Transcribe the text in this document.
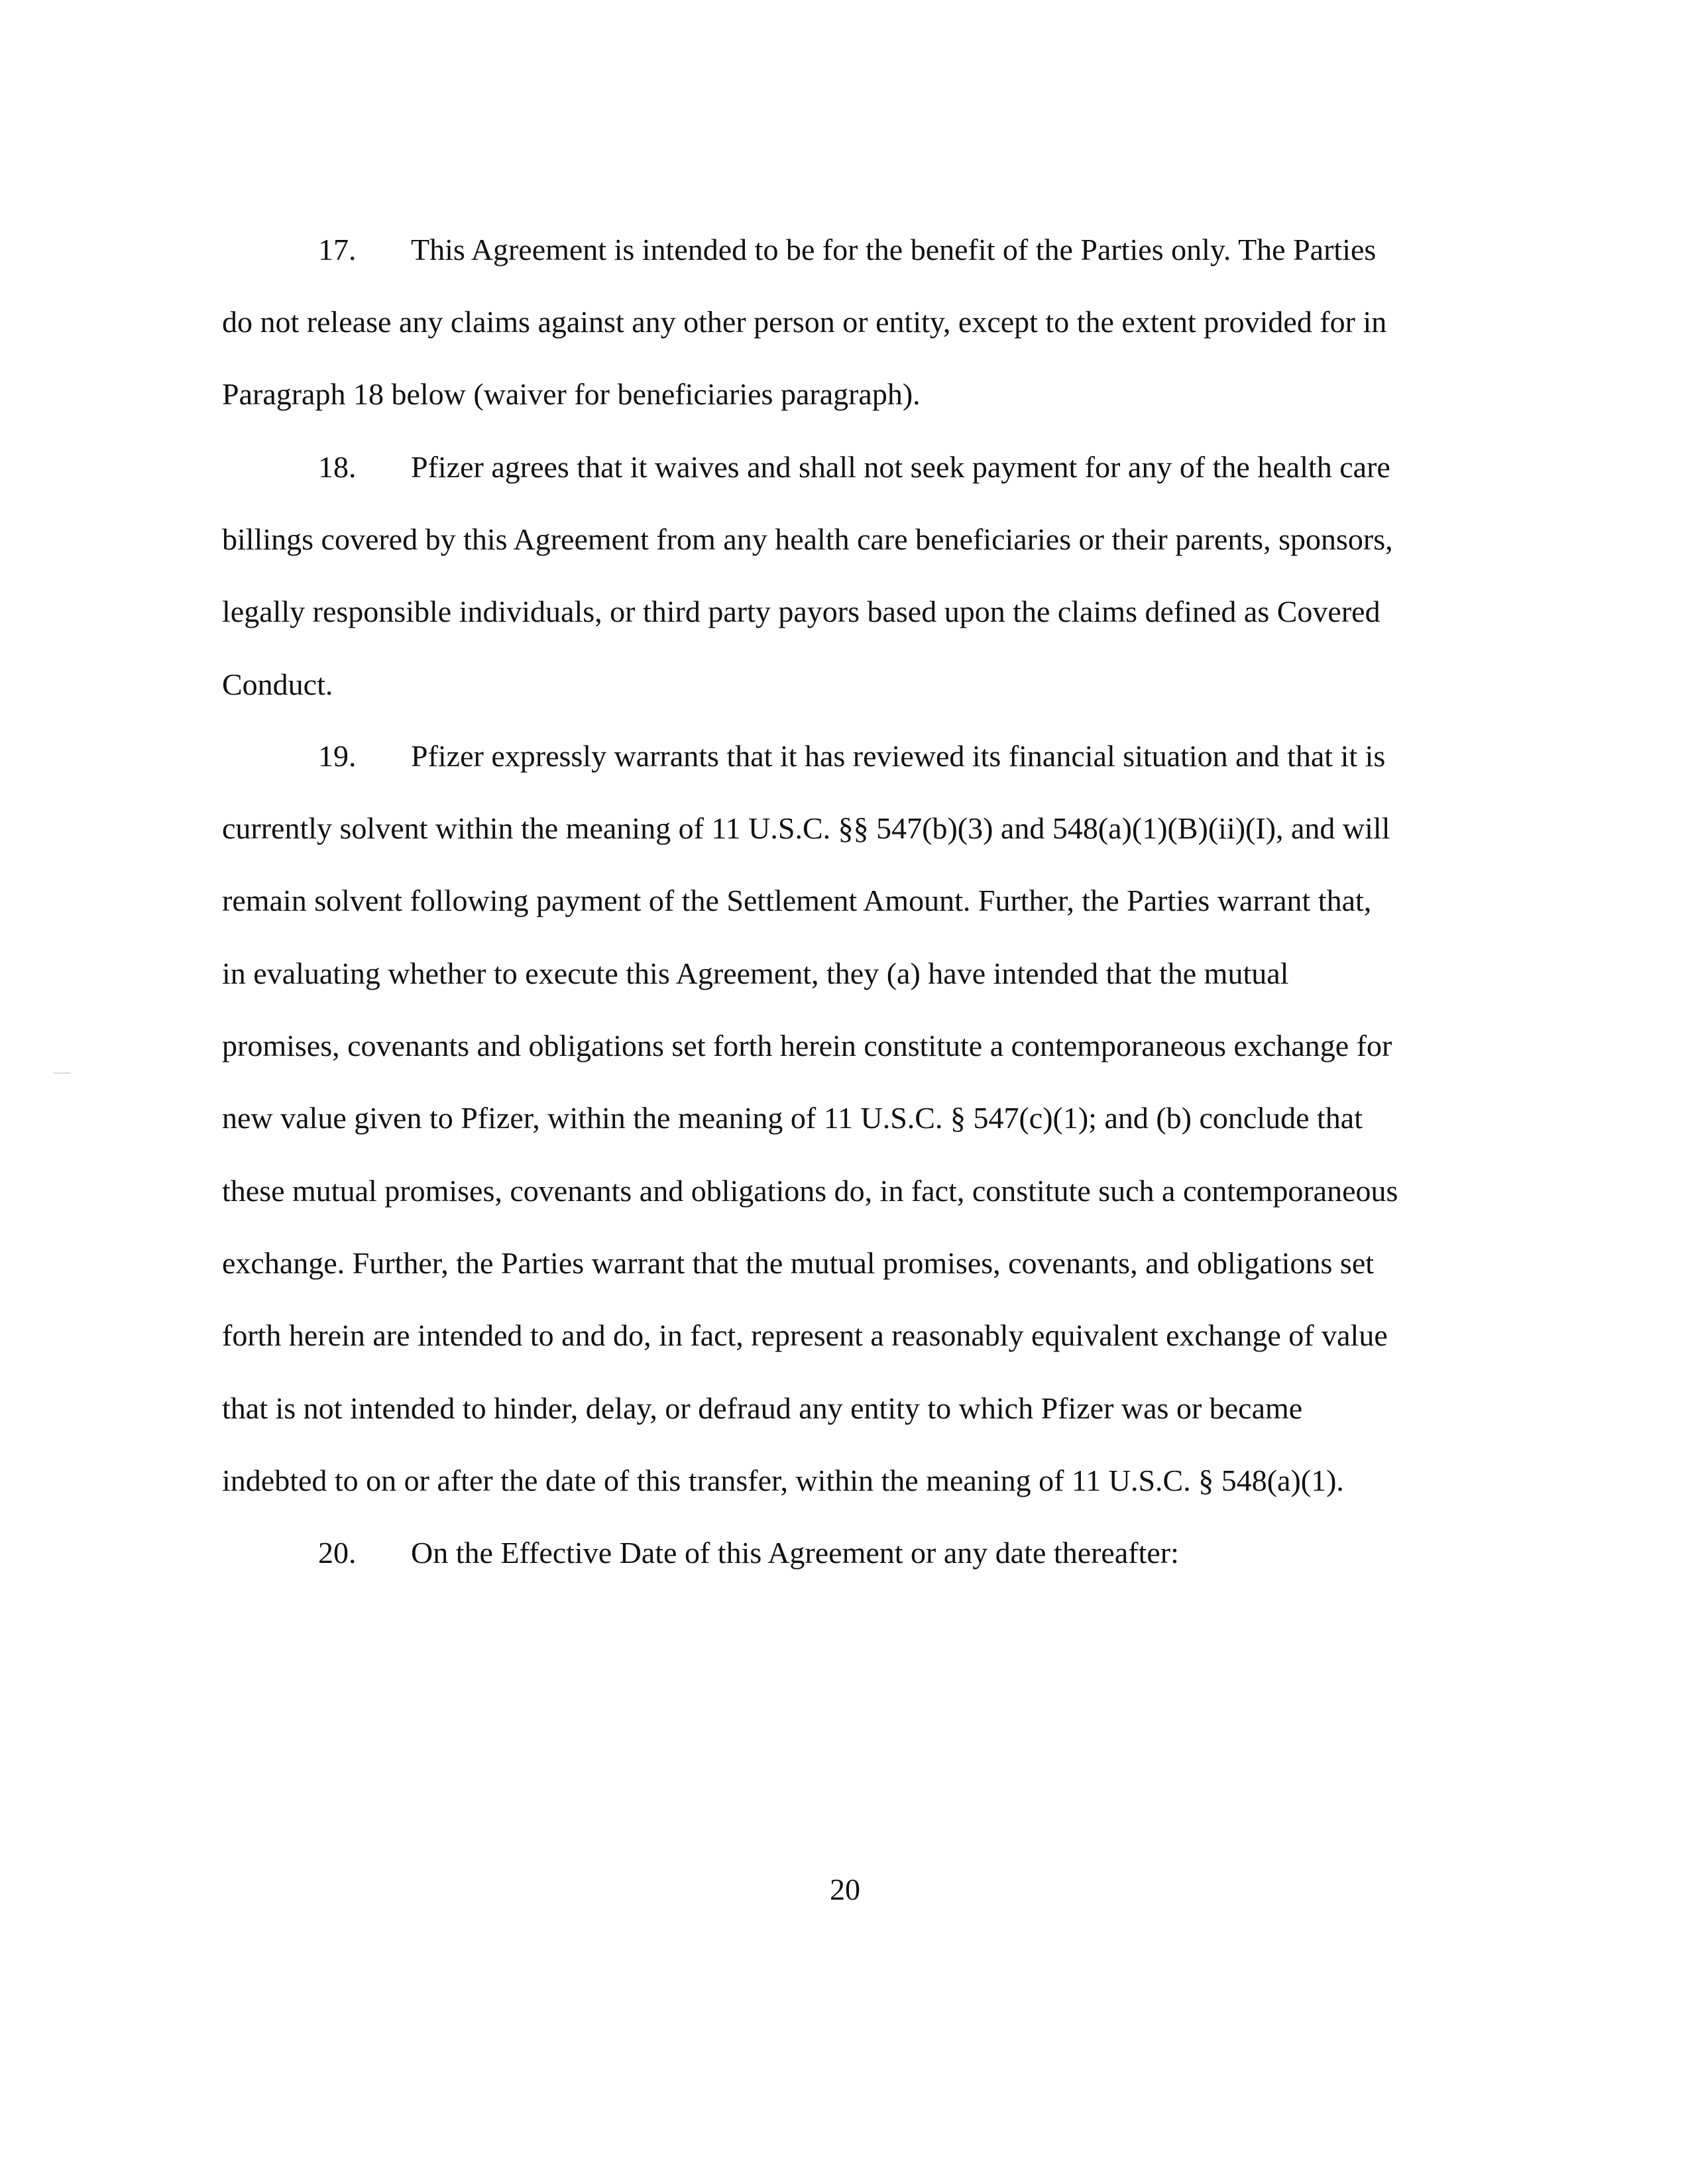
17. This Agreement is intended to be for the benefit of the Parties only. The Parties
do not release any claims against any other person or entity, except to the extent provided for in
Paragraph 18 below (waiver for beneficiaries paragraph).
18. Pfizer agrees that it waives and shall not seek payment for any of the health care
billings covered by this Agreement from any health care beneficiaries or their parents, sponsors,
legally responsible individuals, or third party payors based upon the claims defined as Covered
Conduct.
19. Pfizer expressly warrants that it has reviewed its financial situation and that it is
currently solvent within the meaning of 11 U.S.C. §§ 547(b)(3) and 548(a)(1)(B)(ii)(I), and will
remain solvent following payment of the Settlement Amount. Further, the Parties warrant that,
in evaluating whether to execute this Agreement, they (a) have intended that the mutual
promises, covenants and obligations set forth herein constitute a contemporaneous exchange for
new value given to Pfizer, within the meaning of 11 U.S.C. § 547(c)(1); and (b) conclude that
these mutual promises, covenants and obligations do, in fact, constitute such a contemporaneous
exchange. Further, the Parties warrant that the mutual promises, covenants, and obligations set
forth herein are intended to and do, in fact, represent a reasonably equivalent exchange of value
that is not intended to hinder, delay, or defraud any entity to which Pfizer was or became
indebted to on or after the date of this transfer, within the meaning of 11 U.S.C. § 548(a)(1).
20. On the Effective Date of this Agreement or any date thereafter:
20
